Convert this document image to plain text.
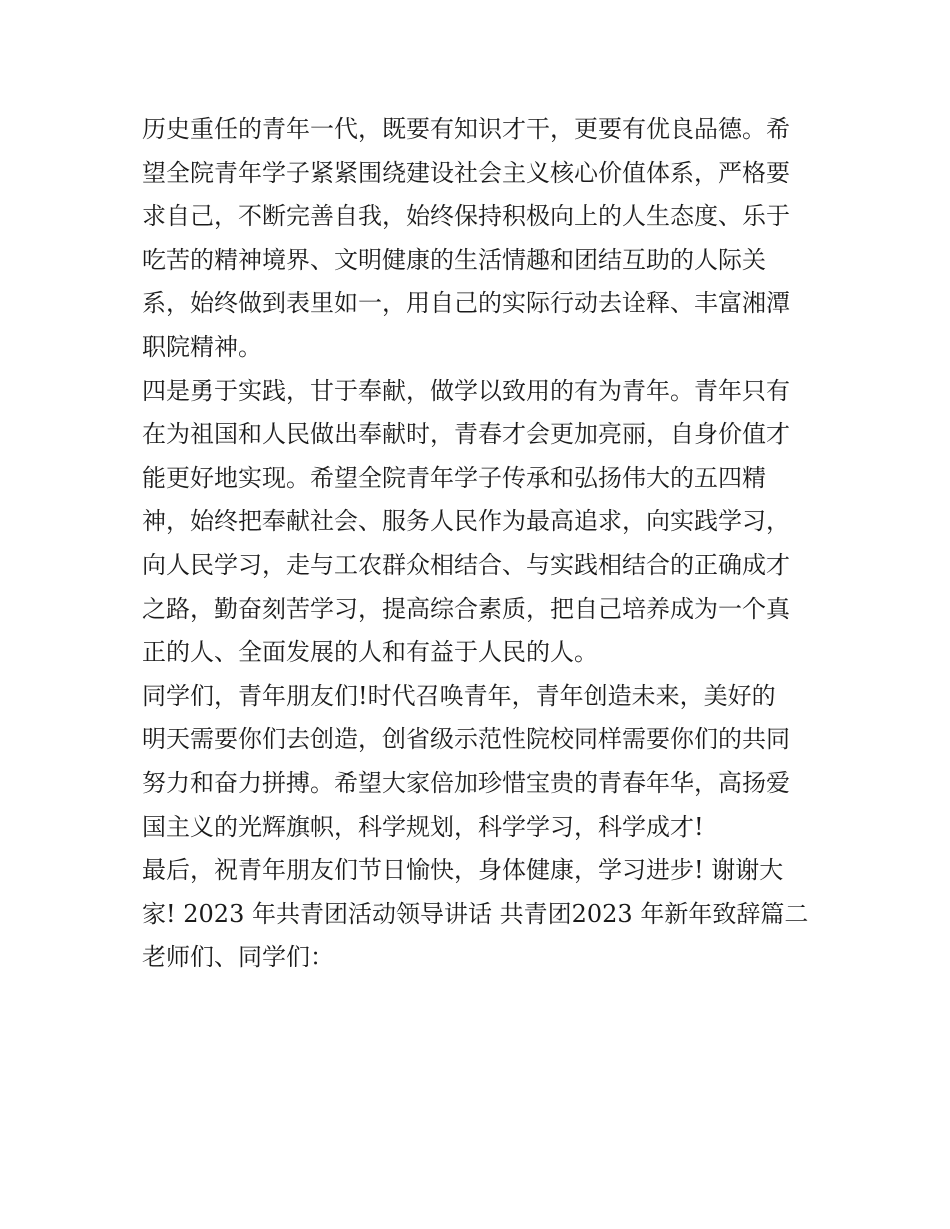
历史重任的青年一代，既要有知识才干，更要有优良品德。希
望全院青年学子紧紧围绕建设社会主义核心价值体系，严格要
求自己，不断完善自我，始终保持积极向上的人生态度、乐于
吃苦的精神境界、文明健康的生活情趣和团结互助的人际关
系，始终做到表里如一，用自己的实际行动去诠释、丰富湘潭
职院精神。
四是勇于实践，甘于奉献，做学以致用的有为青年。青年只有
在为祖国和人民做出奉献时，青春才会更加亮丽，自身价值才
能更好地实现。希望全院青年学子传承和弘扬伟大的五四精
神，始终把奉献社会、服务人民作为最高追求，向实践学习，
向人民学习，走与工农群众相结合、与实践相结合的正确成才
之路，勤奋刻苦学习，提高综合素质，把自己培养成为一个真
正的人、全面发展的人和有益于人民的人。
同学们，青年朋友们!时代召唤青年，青年创造未来，美好的
明天需要你们去创造，创省级示范性院校同样需要你们的共同
努力和奋力拼搏。希望大家倍加珍惜宝贵的青春年华，高扬爱
国主义的光辉旗帜，科学规划，科学学习，科学成才!
最后，祝青年朋友们节日愉快，身体健康，学习进步! 谢谢大
家! 2023 年共青团活动领导讲话 共青团2023 年新年致辞篇二
老师们、同学们：
